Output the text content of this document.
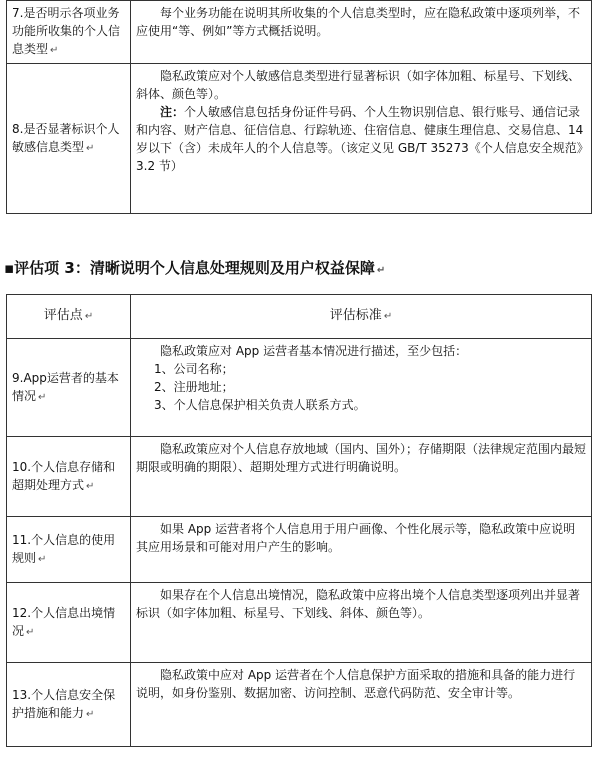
7.是否明示各项业务功能所收集的个人信息类型 ↵	每个业务功能在说明其所收集的个人信息类型时，应在隐私政策中逐项列举，不应使用“等、例如”等方式概括说明。

8.是否显著标识个人敏感信息类型 ↵	隐私政策应对个人敏感信息类型进行显著标识（如字体加粗、标星号、下划线、斜体、颜色等）。

注：个人敏感信息包括身份证件号码、个人生物识别信息、银行账号、通信记录和内容、财产信息、征信信息、行踪轨迹、住宿信息、健康生理信息、交易信息、14岁以下（含）未成年人的个人信息等。（该定义见 GB/T 35273《个人信息安全规范》3.2 节）

▪评估项 3：清晰说明个人信息处理规则及用户权益保障 ↵
评估点 ↵	评估标准 ↵
9.App运营者的基本情况 ↵	隐私政策应对 App 运营者基本情况进行描述，至少包括：

1、公司名称；

2、注册地址；

3、个人信息保护相关负责人联系方式。

10.个人信息存储和超期处理方式 ↵	隐私政策应对个人信息存放地域（国内、国外）；存储期限（法律规定范围内最短期限或明确的期限）、超期处理方式进行明确说明。

11.个人信息的使用规则 ↵	如果 App 运营者将个人信息用于用户画像、个性化展示等，隐私政策中应说明其应用场景和可能对用户产生的影响。

12.个人信息出境情况 ↵	如果存在个人信息出境情况，隐私政策中应将出境个人信息类型逐项列出并显著标识（如字体加粗、标星号、下划线、斜体、颜色等）。

13.个人信息安全保护措施和能力 ↵	隐私政策中应对 App 运营者在个人信息保护方面采取的措施和具备的能力进行说明，如身份鉴别、数据加密、访问控制、恶意代码防范、安全审计等。
